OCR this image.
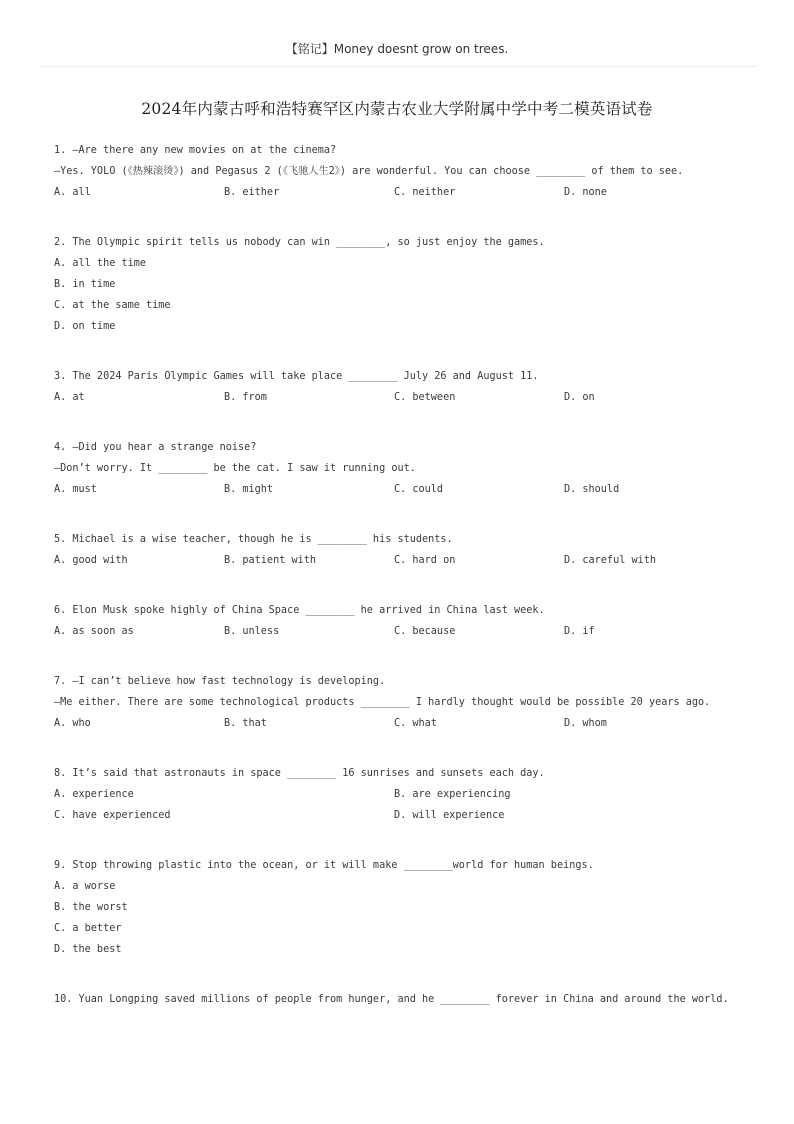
【铭记】Money doesnt grow on trees.
2024年内蒙古呼和浩特赛罕区内蒙古农业大学附属中学中考二模英语试卷
1. —Are there any new movies on at the cinema?
—Yes. YOLO (《热辣滚烫》) and Pegasus 2 (《飞驰人生2》) are wonderful. You can choose ________ of them to see.
A. all	B. either	C. neither	D. none
2. The Olympic spirit tells us nobody can win ________, so just enjoy the games.
A. all the time
B. in time
C. at the same time
D. on time
3. The 2024 Paris Olympic Games will take place ________ July 26 and August 11.
A. at	B. from	C. between	D. on
4. —Did you hear a strange noise?
—Don’t worry. It ________ be the cat. I saw it running out.
A. must	B. might	C. could	D. should
5. Michael is a wise teacher, though he is ________ his students.
A. good with	B. patient with	C. hard on	D. careful with
6. Elon Musk spoke highly of China Space ________ he arrived in China last week.
A. as soon as	B. unless	C. because	D. if
7. —I can’t believe how fast technology is developing.
—Me either. There are some technological products ________ I hardly thought would be possible 20 years ago.
A. who	B. that	C. what	D. whom
8. It’s said that astronauts in space ________ 16 sunrises and sunsets each day.
A. experience	B. are experiencing
C. have experienced	D. will experience
9. Stop throwing plastic into the ocean, or it will make ________world for human beings.
A. a worse
B. the worst
C. a better
D. the best
10. Yuan Longping saved millions of people from hunger, and he ________ forever in China and around the world.
